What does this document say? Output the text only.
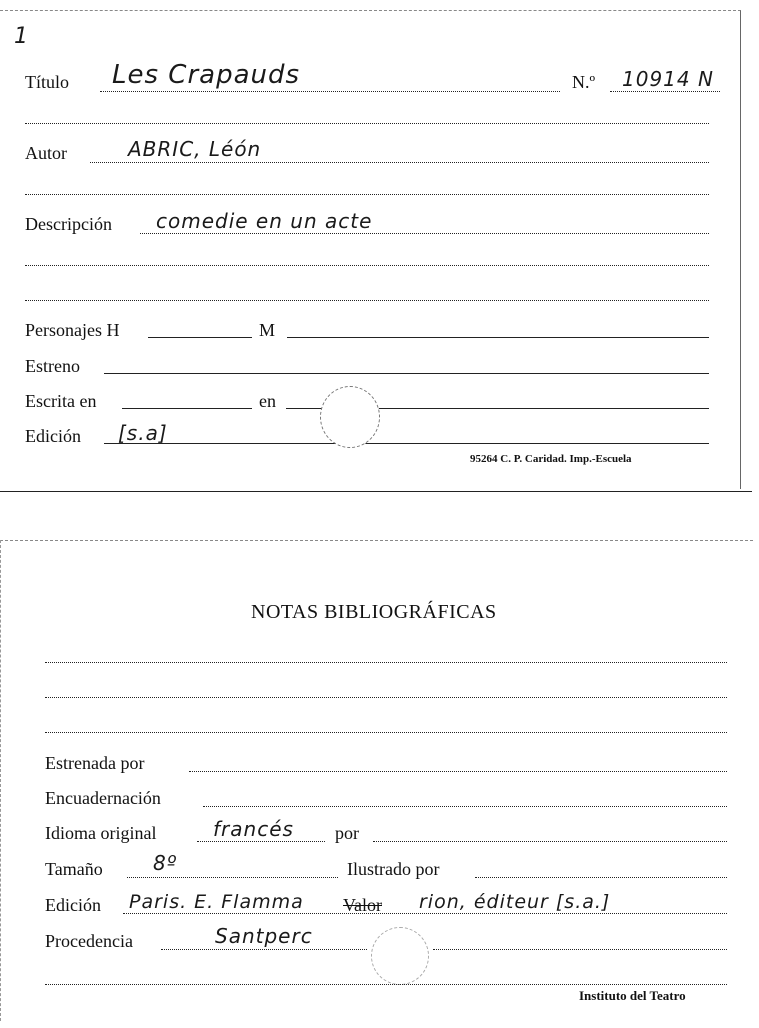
1
Título Les Crapauds	N.º 10914 N
Autor	ABRIC, Léón
Descripción comedie en un acte
Personajes H	M
Estreno
Escrita en	en
Edición [s.a]
95264 C. P. Caridad. Imp.-Escuela
NOTAS BIBLIOGRÁFICAS
Estrenada por
Encuadernación
Idioma original	francés por
Tamaño	8º	Ilustrado por
Edición Paris. E. Flamma Valor rion, éditeur [s.a.]
Procedencia	Santperc
Instituto del Teatro
